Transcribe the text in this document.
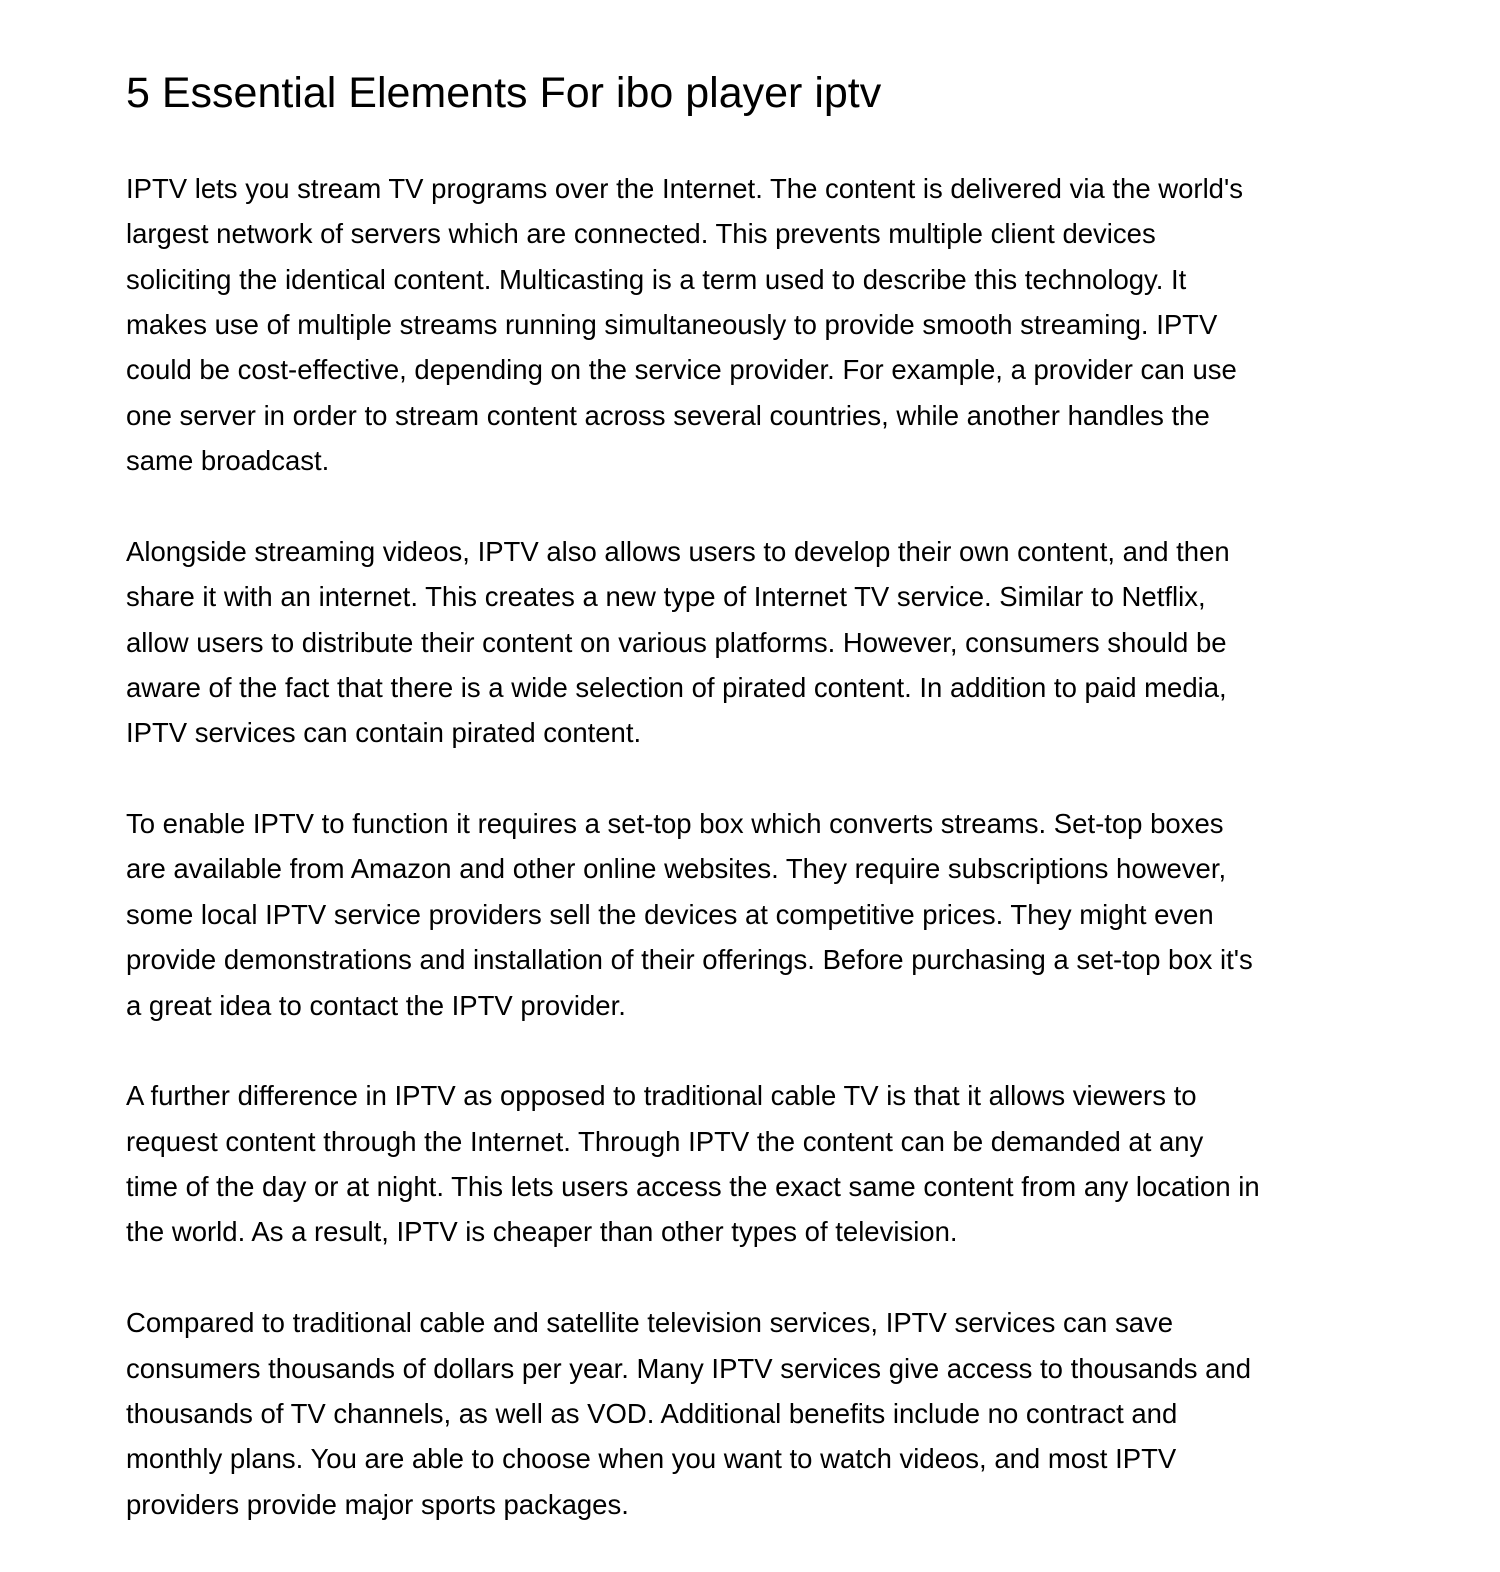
5 Essential Elements For ibo player iptv

IPTV lets you stream TV programs over the Internet. The content is delivered via the world's
largest network of servers which are connected. This prevents multiple client devices
soliciting the identical content. Multicasting is a term used to describe this technology. It
makes use of multiple streams running simultaneously to provide smooth streaming. IPTV
could be cost-effective, depending on the service provider. For example, a provider can use
one server in order to stream content across several countries, while another handles the
same broadcast.

Alongside streaming videos, IPTV also allows users to develop their own content, and then
share it with an internet. This creates a new type of Internet TV service. Similar to Netflix,
allow users to distribute their content on various platforms. However, consumers should be
aware of the fact that there is a wide selection of pirated content. In addition to paid media,
IPTV services can contain pirated content.

To enable IPTV to function it requires a set-top box which converts streams. Set-top boxes
are available from Amazon and other online websites. They require subscriptions however,
some local IPTV service providers sell the devices at competitive prices. They might even
provide demonstrations and installation of their offerings. Before purchasing a set-top box it's
a great idea to contact the IPTV provider.

A further difference in IPTV as opposed to traditional cable TV is that it allows viewers to
request content through the Internet. Through IPTV the content can be demanded at any
time of the day or at night. This lets users access the exact same content from any location in
the world. As a result, IPTV is cheaper than other types of television.

Compared to traditional cable and satellite television services, IPTV services can save
consumers thousands of dollars per year. Many IPTV services give access to thousands and
thousands of TV channels, as well as VOD. Additional benefits include no contract and
monthly plans. You are able to choose when you want to watch videos, and most IPTV
providers provide major sports packages.
